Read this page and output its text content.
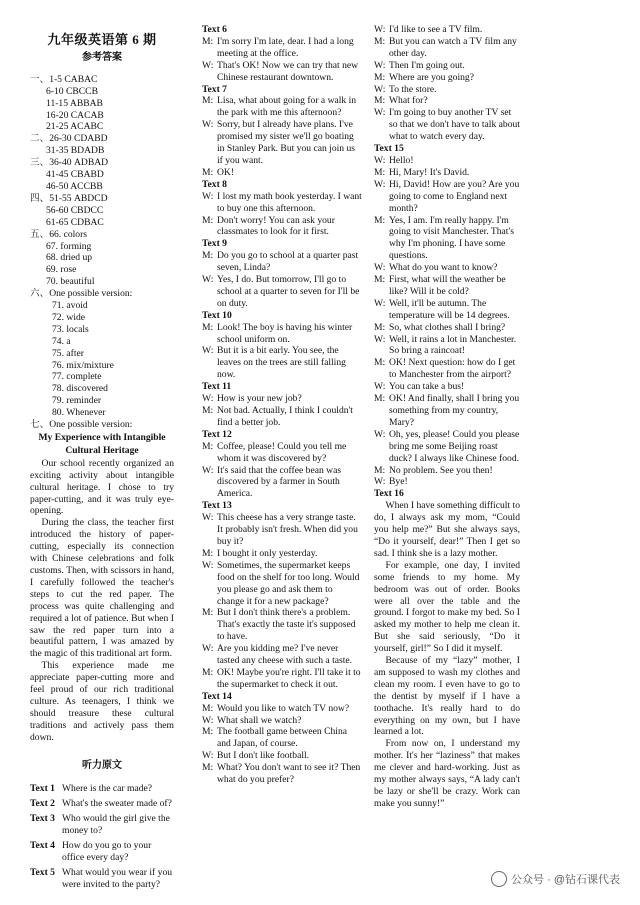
九年级英语第 6 期
参考答案
一、1-5 CABAC
6-10 CBCCB
11-15 ABBAB
16-20 CACAB
21-25 ACABC
二、26-30 CDABD
31-35 BDADB
三、36-40 ADBAD
41-45 CBABD
46-50 ACCBB
四、51-55 ABDCD
56-60 CBDCC
61-65 CDBAC
五、66. colors
67. forming
68. dried up
69. rose
70. beautiful
六、One possible version:
71. avoid
72. wide
73. locals
74. a
75. after
76. mix/mixture
77. complete
78. discovered
79. reminder
80. Whenever
七、One possible version:
My Experience with Intangible
Cultural Heritage

Our school recently organized an exciting activity about intangible cultural heritage. I chose to try paper-cutting, and it was truly eye-opening.

During the class, the teacher first introduced the history of paper-cutting, especially its connection with Chinese celebrations and folk customs. Then, with scissors in hand, I carefully followed the teacher's steps to cut the red paper. The process was quite challenging and required a lot of patience. But when I saw the red paper turn into a beautiful pattern, I was amazed by the magic of this traditional art form.

This experience made me appreciate paper-cutting more and feel proud of our rich traditional culture. As teenagers, I think we should treasure these cultural traditions and actively pass them down.

听力原文
Text 1 Where is the car made?
Text 2 What's the sweater made of?
Text 3 Who would the girl give the money to?
Text 4 How do you go to your office every day?
Text 5 What would you wear if you were invited to the party?
Text 6
M: I'm sorry I'm late, dear. I had a long meeting at the office.
W: That's OK! Now we can try that new Chinese restaurant downtown.
Text 7
M: Lisa, what about going for a walk in the park with me this afternoon?
W: Sorry, but I already have plans. I've promised my sister we'll go boating in Stanley Park. But you can join us if you want.
M: OK!
Text 8
W: I lost my math book yesterday. I want to buy one this afternoon.
M: Don't worry! You can ask your classmates to look for it first.
Text 9
M: Do you go to school at a quarter past seven, Linda?
W: Yes, I do. But tomorrow, I'll go to school at a quarter to seven for I'll be on duty.
Text 10
M: Look! The boy is having his winter school uniform on.
W: But it is a bit early. You see, the leaves on the trees are still falling now.
Text 11
W: How is your new job?
M: Not bad. Actually, I think I couldn't find a better job.
Text 12
M: Coffee, please! Could you tell me whom it was discovered by?
W: It's said that the coffee bean was discovered by a farmer in South America.
Text 13
W: This cheese has a very strange taste. It probably isn't fresh. When did you buy it?
M: I bought it only yesterday.
W: Sometimes, the supermarket keeps food on the shelf for too long. Would you please go and ask them to change it for a new package?
M: But I don't think there's a problem. That's exactly the taste it's supposed to have.
W: Are you kidding me? I've never tasted any cheese with such a taste.
M: OK! Maybe you're right. I'll take it to the supermarket to check it out.
Text 14
M: Would you like to watch TV now?
W: What shall we watch?
M: The football game between China and Japan, of course.
W: But I don't like football.
M: What? You don't want to see it? Then what do you prefer?
W: I'd like to see a TV film.
M: But you can watch a TV film any other day.
W: Then I'm going out.
M: Where are you going?
W: To the store.
M: What for?
W: I'm going to buy another TV set so that we don't have to talk about what to watch every day.
Text 15
W: Hello!
M: Hi, Mary! It's David.
W: Hi, David! How are you? Are you going to come to England next month?
M: Yes, I am. I'm really happy. I'm going to visit Manchester. That's why I'm phoning. I have some questions.
W: What do you want to know?
M: First, what will the weather be like? Will it be cold?
W: Well, it'll be autumn. The temperature will be 14 degrees.
M: So, what clothes shall I bring?
W: Well, it rains a lot in Manchester. So bring a raincoat!
M: OK! Next question: how do I get to Manchester from the airport?
W: You can take a bus!
M: OK! And finally, shall I bring you something from my country, Mary?
W: Oh, yes, please! Could you please bring me some Beijing roast duck? I always like Chinese food.
M: No problem. See you then!
W: Bye!
Text 16

When I have something difficult to do, I always ask my mom, “Could you help me?” But she always says, “Do it yourself, dear!” Then I get so sad. I think she is a lazy mother.

For example, one day, I invited some friends to my home. My bedroom was out of order. Books were all over the table and the ground. I forgot to make my bed. So I asked my mother to help me clean it. But she said seriously, “Do it yourself, girl!” So I did it myself.

Because of my “lazy” mother, I am supposed to wash my clothes and clean my room. I even have to go to the dentist by myself if I have a toothache. It's really hard to do everything on my own, but I have learned a lot.

From now on, I understand my mother. It's her “laziness” that makes me clever and hard-working. Just as my mother always says, “A lady can't be lazy or she'll be crazy. Work can make you sunny!”

公众号 · @钻石课代表
